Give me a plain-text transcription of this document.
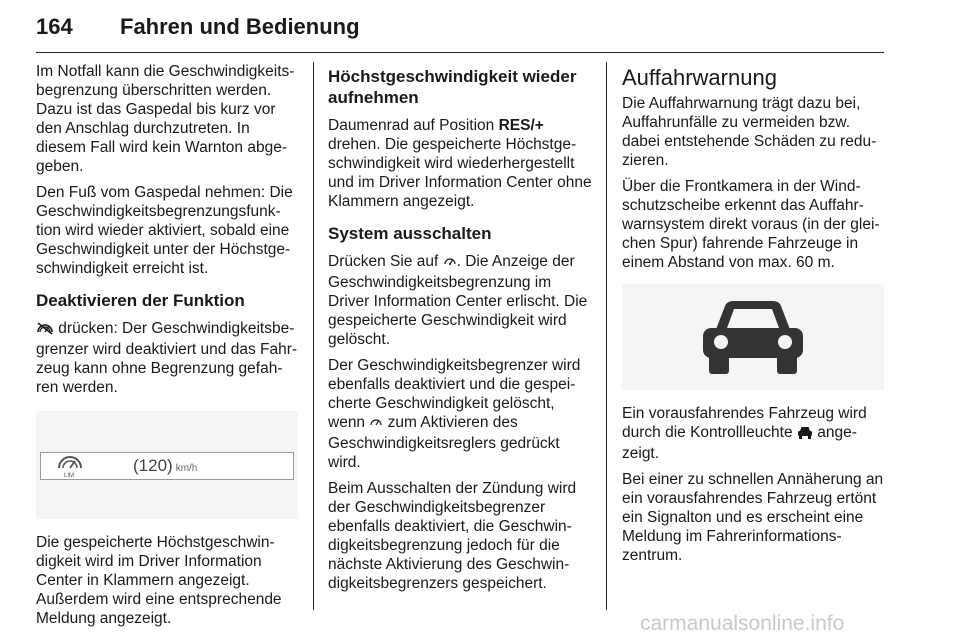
164 Fahren und Bedienung

Im Notfall kann die Geschwindigkeitsbegrenzung überschritten werden. Dazu ist das Gaspedal bis kurz vor den Anschlag durchzutreten. In diesem Fall wird kein Warnton abgegeben.

Den Fuß vom Gaspedal nehmen: Die Geschwindigkeitsbegrenzungsfunktion wird wieder aktiviert, sobald eine Geschwindigkeit unter der Höchstgeschwindigkeit erreicht ist.

Deaktivieren der Funktion

drücken: Der Geschwindigkeitsbegrenzer wird deaktiviert und das Fahrzeug kann ohne Begrenzung gefahren werden.

LIM
(120) km/h

Die gespeicherte Höchstgeschwindigkeit wird im Driver Information Center in Klammern angezeigt. Außerdem wird eine entsprechende Meldung angezeigt.

Höchstgeschwindigkeit wieder aufnehmen

Daumenrad auf Position RES/+ drehen. Die gespeicherte Höchstgeschwindigkeit wird wiederhergestellt und im Driver Information Center ohne Klammern angezeigt.

System ausschalten

Drücken Sie auf . Die Anzeige der Geschwindigkeitsbegrenzung im Driver Information Center erlischt. Die gespeicherte Geschwindigkeit wird gelöscht.

Der Geschwindigkeitsbegrenzer wird ebenfalls deaktiviert und die gespeicherte Geschwindigkeit gelöscht, wenn  zum Aktivieren des Geschwindigkeitsreglers gedrückt wird.

Beim Ausschalten der Zündung wird der Geschwindigkeitsbegrenzer ebenfalls deaktiviert, die Geschwindigkeitsbegrenzung jedoch für die nächste Aktivierung des Geschwindigkeitsbegrenzers gespeichert.

Auffahrwarnung

Die Auffahrwarnung trägt dazu bei, Auffahrunfälle zu vermeiden bzw. dabei entstehende Schäden zu reduzieren.

Über die Frontkamera in der Windschutzscheibe erkennt das Auffahrwarnsystem direkt voraus (in der gleichen Spur) fahrende Fahrzeuge in einem Abstand von max. 60 m.

Ein vorausfahrendes Fahrzeug wird durch die Kontrollleuchte  angezeigt.

Bei einer zu schnellen Annäherung an ein vorausfahrendes Fahrzeug ertönt ein Signalton und es erscheint eine Meldung im Fahrerinformationszentrum.

carmanualsonline.info
